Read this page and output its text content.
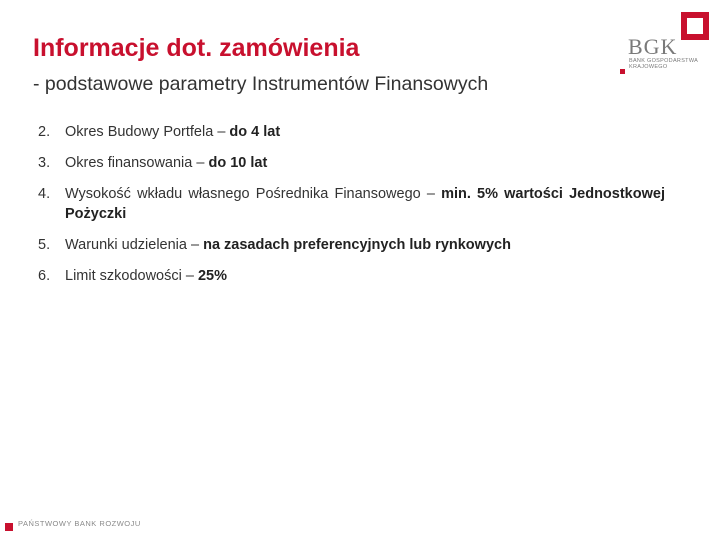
Informacje dot. zamówienia
- podstawowe parametry Instrumentów Finansowych
BGK
BANK GOSPODARSTWA KRAJOWEGO
2. Okres Budowy Portfela – do 4 lat
3. Okres finansowania – do 10 lat
4. Wysokość wkładu własnego Pośrednika Finansowego – min. 5% wartości Jednostkowej Pożyczki
5. Warunki udzielenia – na zasadach preferencyjnych lub rynkowych
6. Limit szkodowości – 25%
PAŃSTWOWY BANK ROZWOJU
